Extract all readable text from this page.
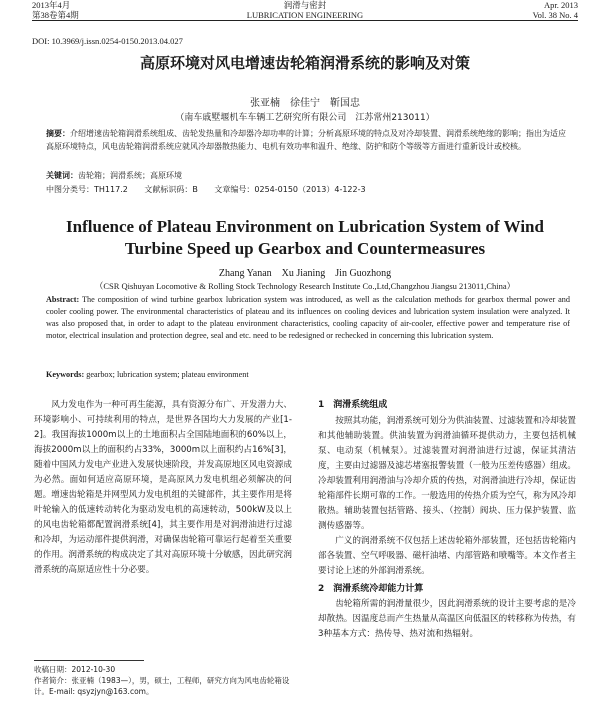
2013年4月
第38卷第4期
润滑与密封
LUBRICATION ENGINEERING
Apr. 2013
Vol. 38 No. 4
DOI: 10.3969/j.issn.0254-0150.2013.04.027
高原环境对风电增速齿轮箱润滑系统的影响及对策
张亚楠　徐佳宁　靳国忠
（南车戚墅堰机车车辆工艺研究所有限公司　江苏常州213011）
摘要：介绍增速齿轮箱润滑系统组成、齿轮发热量和冷却器冷却功率的计算；分析高原环境的特点及对冷却装置、润滑系统绝缘的影响；指出为适应高原环境特点，风电齿轮箱润滑系统应就风冷却器散热能力、电机有效功率和温升、绝缘、防护和防个等级等方面进行重新设计或校核。
关键词：齿轮箱；润滑系统；高原环境
中图分类号：TH117.2 文献标识码：B 文章编号：0254-0150（2013）4-122-3
Influence of Plateau Environment on Lubrication System of Wind
Turbine Speed up Gearbox and Countermeasures
Zhang Yanan　Xu Jianing　Jin Guozhong
（CSR Qishuyan Locomotive & Rolling Stock Technology Research Institute Co.,Ltd,Changzhou Jiangsu 213011,China）
Abstract: The composition of wind turbine gearbox lubrication system was introduced, as well as the calculation methods for gearbox thermal power and cooler cooling power. The environmental characteristics of plateau and its influences on cooling devices and lubrication system insulation were analyzed. It was also proposed that, in order to adapt to the plateau environment characteristics, cooling capacity of air-cooler, effective power and temperature rise of motor, electrical insulation and protection degree, seal and etc. need to be redesigned or rechecked in concerning this lubrication system.
Keywords: gearbox; lubrication system; plateau environment

风力发电作为一种可再生能源，具有资源分布广、开发潜力大、环境影响小、可持续利用的特点，是世界各国均大力发展的产业[1-2]。我国海拔1000m以上的土地面积占全国陆地面积的60%以上，海拔2000m以上的面积约占33%，3000m以上面积约占16%[3]，随着中国风力发电产业进入发展快速阶段，并发高原地区风电资源成为必然。面如何适应高原环境，是高原风力发电机组必须解决的问题。增速齿轮箱是并网型风力发电机组的关键部件，其主要作用是将叶轮输入的低速转动转化为驱动发电机的高速转动，500kW及以上的风电齿轮箱都配置润滑系统[4]，其主要作用是对润滑油进行过滤和冷却，为运动部件提供润滑，对确保齿轮箱可靠运行起着至关重要的作用。润滑系统的构成决定了其对高原环境十分敏感，因此研究润滑系统的高原适应性十分必要。

收稿日期：2012-10-30
作者简介：张亚楠（1983—），男，硕士，工程师，研究方向为风电齿轮箱设计。E-mail: qsyzjyn@163.com。
1　润滑系统组成

按照其功能，润滑系统可划分为供油装置、过滤装置和冷却装置和其他辅助装置。供油装置为润滑油循环提供动力，主要包括机械泵、电动泵（机械泵）。过滤装置对润滑油进行过滤，保证其清洁度，主要由过滤器及滤芯堵塞报警装置（一般为压差传感器）组成。冷却装置利用润滑油与冷却介质的传热，对润滑油进行冷却，保证齿轮箱部件长期可靠的工作。一般选用的传热介质为空气，称为风冷却散热。辅助装置包括管路、接头、（控制）阀块、压力保护装置、监测传感器等。

广义的润滑系统不仅包括上述齿轮箱外部装置，还包括齿轮箱内部各装置、空气呼吸器、磁杆油堵、内部管路和喷嘴等。本文作者主要讨论上述的外部润滑系统。

2　润滑系统冷却能力计算

齿轮箱所需的润滑量很少，因此润滑系统的设计主要考虑的是冷却散热。因温度总而产生热量从高温区向低温区的转移称为传热，有3种基本方式：热传导、热对流和热辐射。
